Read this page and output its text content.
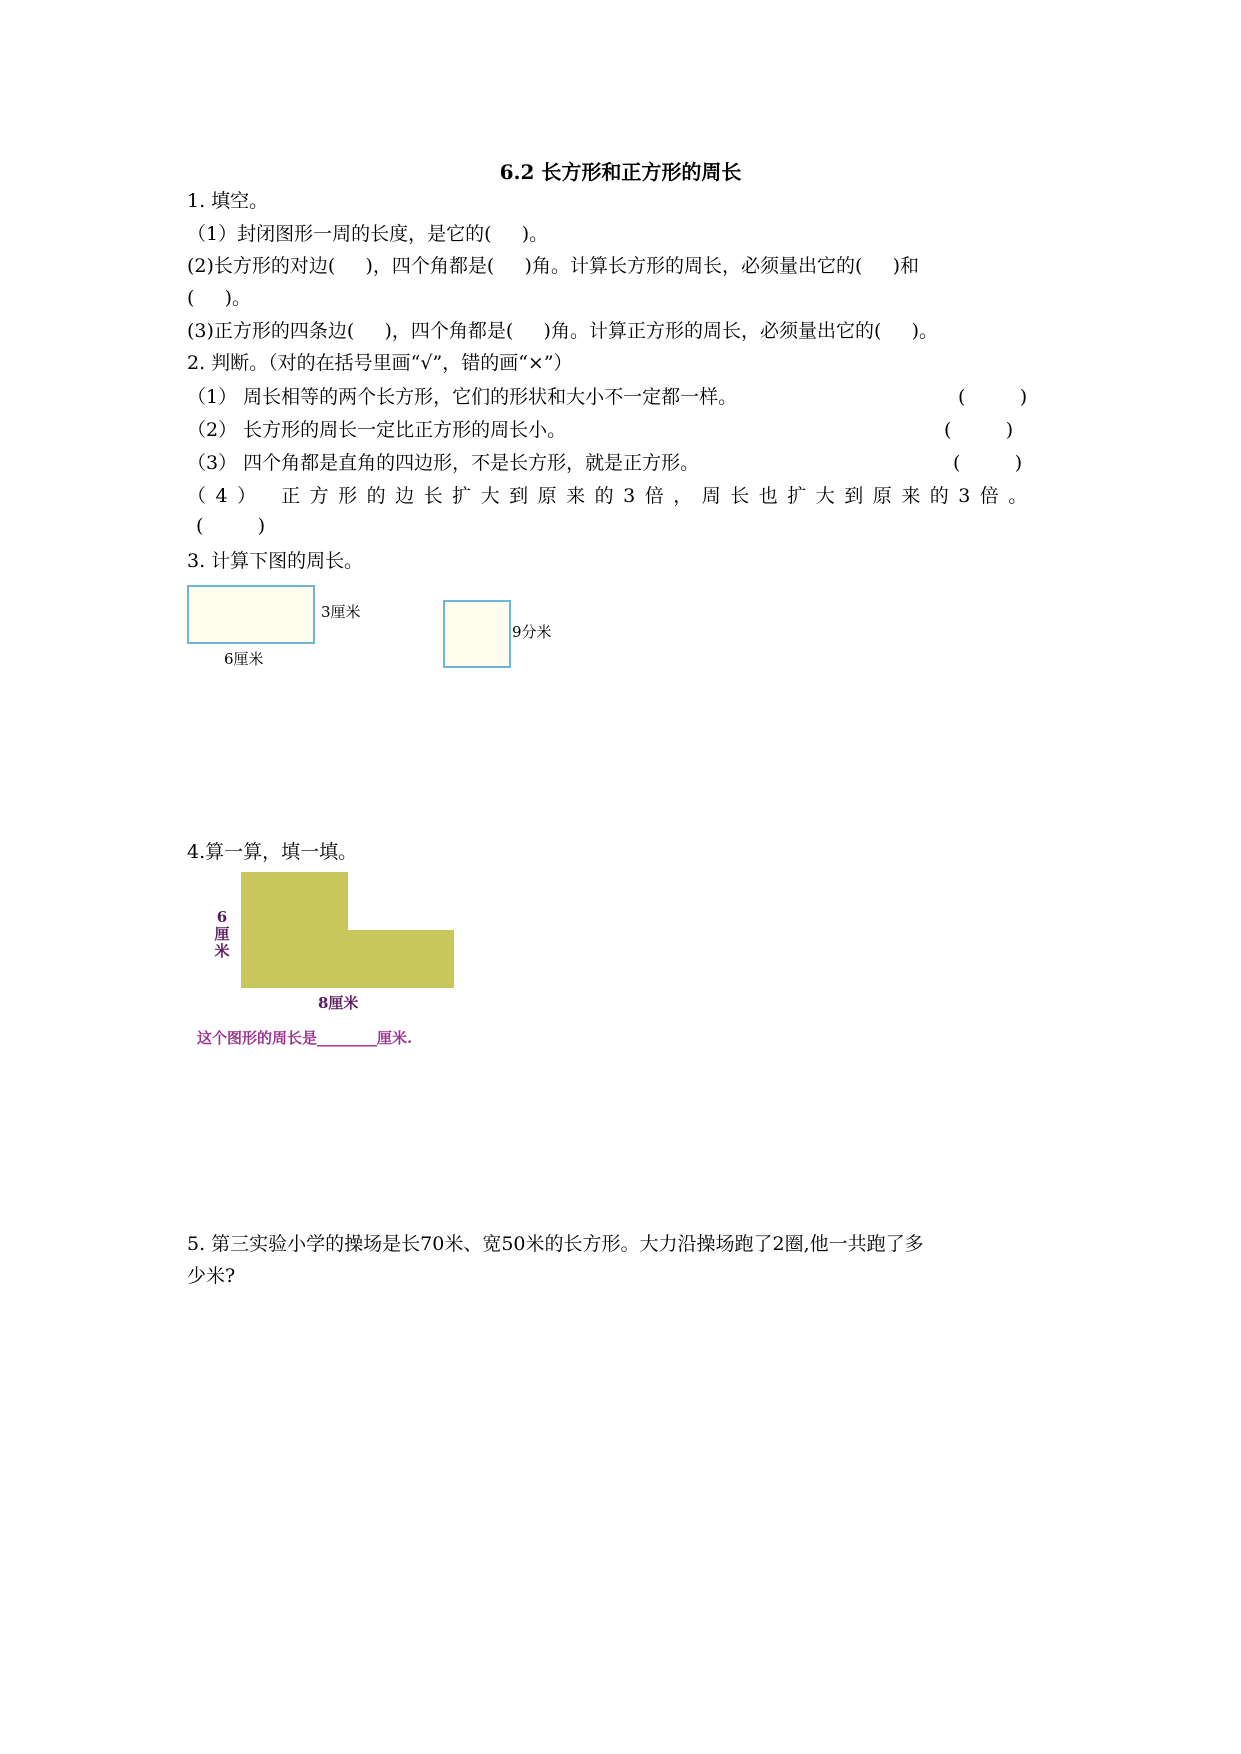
6.2 长方形和正方形的周长
1. 填空。
（1）封闭图形一周的长度，是它的(     )。
(2)长方形的对边(     )，四个角都是(     )角。计算长方形的周长，必须量出它的(     )和
(     )。
(3)正方形的四条边(     )，四个角都是(     )角。计算正方形的周长，必须量出它的(     )。
2. 判断。（对的在括号里画“√”，错的画“×”）
（1） 周长相等的两个长方形，它们的形状和大小不一定都一样。	(         )
（2） 长方形的周长一定比正方形的周长小。	(         )
（3） 四个角都是直角的四边形，不是长方形，就是正方形。	(         )
（4） 正方形的边长扩大到原来的3倍，周长也扩大到原来的3倍。
(         )
3. 计算下图的周长。
3厘米
6厘米
9分米
4.算一算，填一填。
6
厘
米
8厘米
这个图形的周长是________厘米.
5. 第三实验小学的操场是长70米、宽50米的长方形。大力沿操场跑了2圈,他一共跑了多
少米?
